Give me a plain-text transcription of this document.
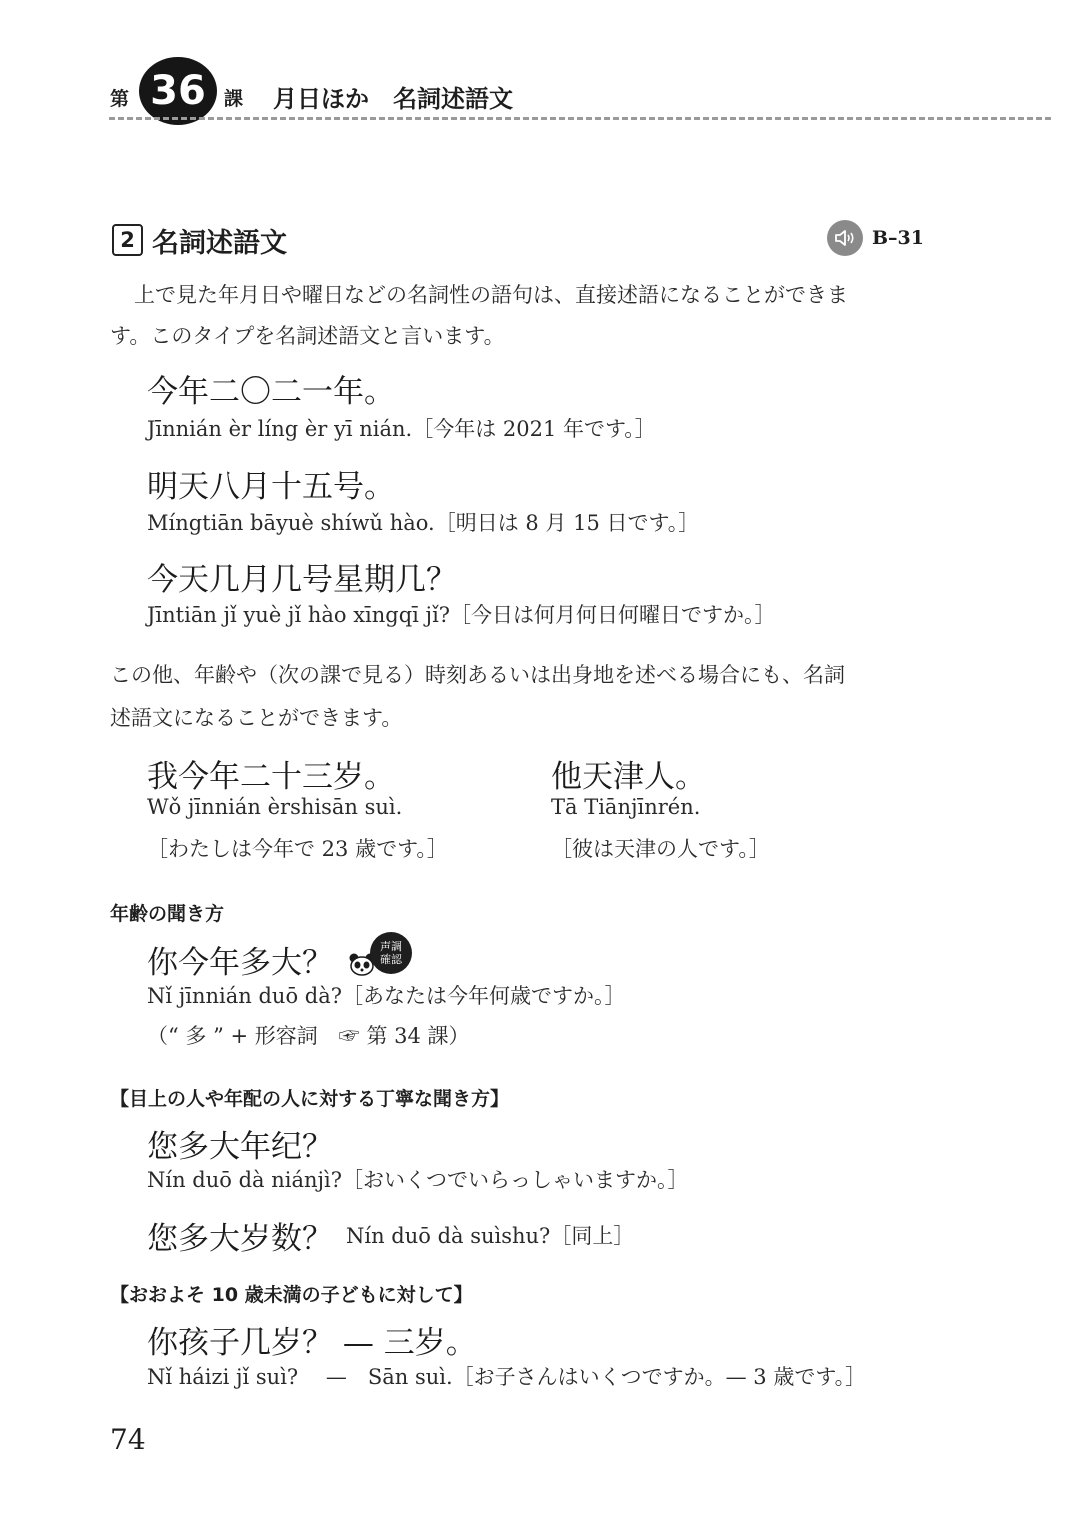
第 36 課 月日ほか　名詞述語文
2 名詞述語文	B–31
上で見た年月日や曜日などの名詞性の語句は、直接述語になることができま
す。このタイプを名詞述語文と言います。
今年二〇二一年。
Jīnnián èr líng èr yī nián.［今年は 2021 年です。］
明天八月十五号。
Míngtiān bāyuè shíwǔ hào.［明日は 8 月 15 日です。］
今天几月几号星期几？
Jīntiān jǐ yuè jǐ hào xīngqī jǐ?［今日は何月何日何曜日ですか。］
この他、年齢や（次の課で見る）時刻あるいは出身地を述べる場合にも、名詞
述語文になることができます。
我今年二十三岁。
Wǒ jīnnián èrshisān suì.
［わたしは今年で 23 歳です。］
他天津人。
Tā Tiānjīnrén.
［彼は天津の人です。］
年齢の聞き方
你今年多大？	声調
確認
Nǐ jīnnián duō dà?［あなたは今年何歳ですか。］
（“ 多 ” + 形容詞　☞ 第 34 課）
【目上の人や年配の人に対する丁寧な聞き方】
您多大年纪？
Nín duō dà niánjì?［おいくつでいらっしゃいますか。］
您多大岁数？ Nín duō dà suìshu?［同上］
【おおよそ 10 歳未満の子どもに対して】
你孩子几岁？ — 三岁。
Nǐ háizi jǐ suì?　 —　Sān suì.［お子さんはいくつですか。— 3 歳です。］
74
